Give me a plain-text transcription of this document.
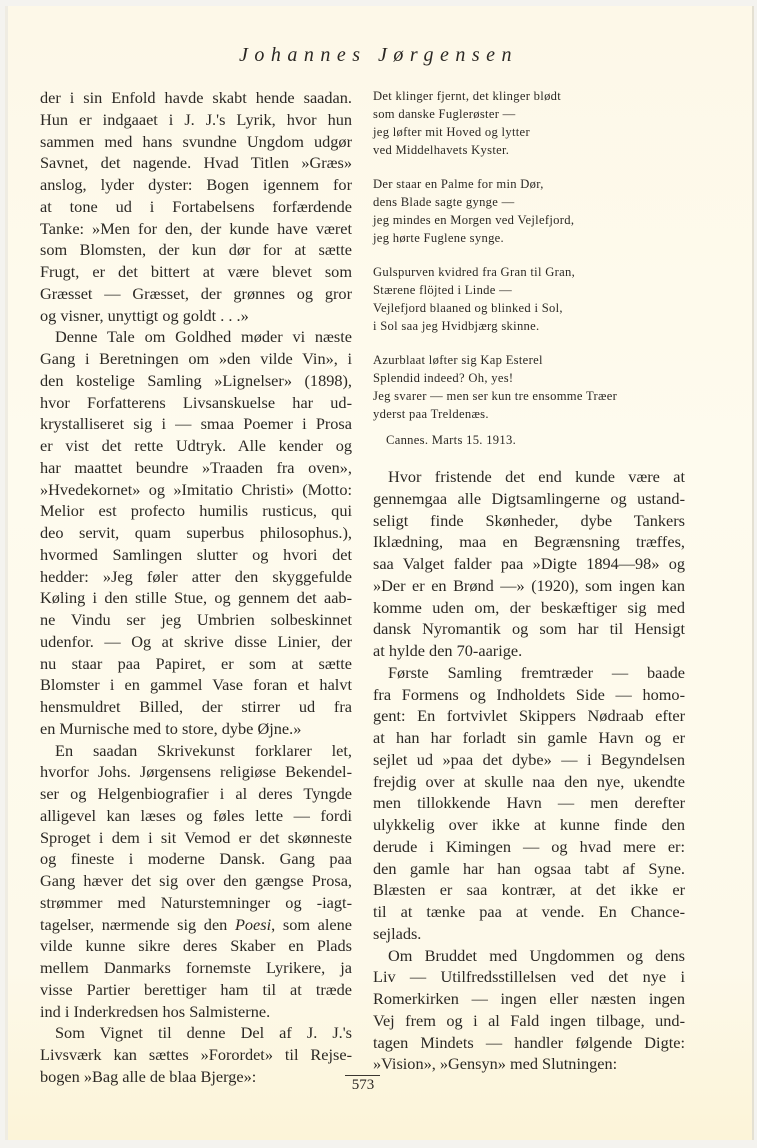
Johannes Jørgensen
der i sin Enfold havde skabt hende saadan.
Hun er indgaaet i J. J.'s Lyrik, hvor hun
sammen med hans svundne Ungdom udgør
Savnet, det nagende. Hvad Titlen »Græs»
anslog, lyder dyster: Bogen igennem for
at tone ud i Fortabelsens forfærdende
Tanke: »Men for den, der kunde have været
som Blomsten, der kun dør for at sætte
Frugt, er det bittert at være blevet som
Græsset — Græsset, der grønnes og gror
og visner, unyttigt og goldt . . .»
Denne Tale om Goldhed møder vi næste
Gang i Beretningen om »den vilde Vin», i
den kostelige Samling »Lignelser» (1898),
hvor Forfatterens Livsanskuelse har ud-
krystalliseret sig i — smaa Poemer i Prosa
er vist det rette Udtryk. Alle kender og
har maattet beundre »Traaden fra oven»,
»Hvedekornet» og »Imitatio Christi» (Motto:
Melior est profecto humilis rusticus, qui
deo servit, quam superbus philosophus.),
hvormed Samlingen slutter og hvori det
hedder: »Jeg føler atter den skyggefulde
Køling i den stille Stue, og gennem det aab-
ne Vindu ser jeg Umbrien solbeskinnet
udenfor. — Og at skrive disse Linier, der
nu staar paa Papiret, er som at sætte
Blomster i en gammel Vase foran et halvt
hensmuldret Billed, der stirrer ud fra
en Murnische med to store, dybe Øjne.»
En saadan Skrivekunst forklarer let,
hvorfor Johs. Jørgensens religiøse Bekendel-
ser og Helgenbiografier i al deres Tyngde
alligevel kan læses og føles lette — fordi
Sproget i dem i sit Vemod er det skønneste
og fineste i moderne Dansk. Gang paa
Gang hæver det sig over den gængse Prosa,
strømmer med Naturstemninger og -iagt-
tagelser, nærmende sig den Poesi, som alene
vilde kunne sikre deres Skaber en Plads
mellem Danmarks fornemste Lyrikere, ja
visse Partier berettiger ham til at træde
ind i Inderkredsen hos Salmisterne.
Som Vignet til denne Del af J. J.'s
Livsværk kan sættes »Forordet» til Rejse-
bogen »Bag alle de blaa Bjerge»:
Det klinger fjernt, det klinger blødt
som danske Fuglerøster —
jeg løfter mit Hoved og lytter
ved Middelhavets Kyster.
Der staar en Palme for min Dør,
dens Blade sagte gynge —
jeg mindes en Morgen ved Vejlefjord,
jeg hørte Fuglene synge.
Gulspurven kvidred fra Gran til Gran,
Stærene flöjted i Linde —
Vejlefjord blaaned og blinked i Sol,
i Sol saa jeg Hvidbjærg skinne.
Azurblaat løfter sig Kap Esterel
Splendid indeed? Oh, yes!
Jeg svarer — men ser kun tre ensomme Træer
yderst paa Treldenæs.
Cannes. Marts 15. 1913.
Hvor fristende det end kunde være at
gennemgaa alle Digtsamlingerne og ustand-
seligt finde Skønheder, dybe Tankers
Iklædning, maa en Begrænsning træffes,
saa Valget falder paa »Digte 1894—98» og
»Der er en Brønd —» (1920), som ingen kan
komme uden om, der beskæftiger sig med
dansk Nyromantik og som har til Hensigt
at hylde den 70-aarige.
Første Samling fremtræder — baade
fra Formens og Indholdets Side — homo-
gent: En fortvivlet Skippers Nødraab efter
at han har forladt sin gamle Havn og er
sejlet ud »paa det dybe» — i Begyndelsen
frejdig over at skulle naa den nye, ukendte
men tillokkende Havn — men derefter
ulykkelig over ikke at kunne finde den
derude i Kimingen — og hvad mere er:
den gamle har han ogsaa tabt af Syne.
Blæsten er saa kontrær, at det ikke er
til at tænke paa at vende. En Chance-
sejlads.
Om Bruddet med Ungdommen og dens
Liv — Utilfredsstillelsen ved det nye i
Romerkirken — ingen eller næsten ingen
Vej frem og i al Fald ingen tilbage, und-
tagen Mindets — handler følgende Digte:
»Vision», »Gensyn» med Slutningen:
573
